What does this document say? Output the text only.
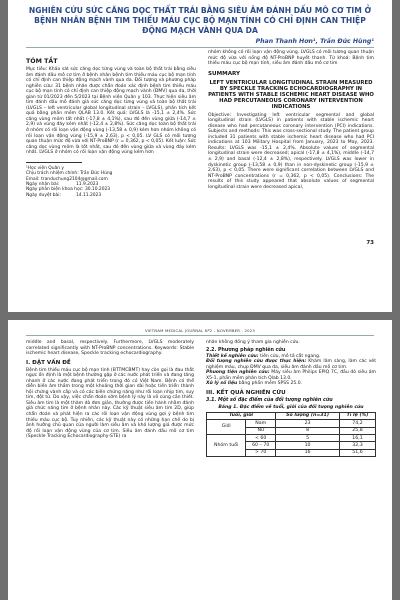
NGHIÊN CỨU SỨC CĂNG DỌC THẤT TRÁI BẰNG SIÊU ÂM ĐÁNH DẤU MÔ CƠ TIM Ở BỆNH NHÂN BỆNH TIM THIẾU MÁU CỤC BỘ MẠN TÍNH CÓ CHỈ ĐỊNH CAN THIỆP ĐỘNG MẠCH VÀNH QUA DA
Phan Thanh Hơn¹, Trần Đức Hùng¹
TÓM TẮT
Mục tiêu: Khảo sát sức căng dọc từng vùng và toàn bộ thất trái bằng siêu âm đánh dấu mô cơ tim ở bệnh nhân bệnh tim thiếu máu cục bộ mạn tính có chỉ định can thiệp động mạch vành qua da. Đối tượng và phương pháp nghiên cứu: 31 bệnh nhân được chẩn đoán xác định bệnh tim thiếu máu cục bộ mạn tính có chỉ định can thiệp động mạch vành (ĐMV) qua da, thời gian từ 01/2023 đến 5/2023 tại Bệnh viện Quân y 103. Thực hiện siêu âm tim đánh dấu mô đánh giá sức căng dọc từng vùng và toàn bộ thất trái (LVGLS – left ventricular global longitudinal strain – LVGLS), phân tích kết quả bằng phần mềm QLAB 13.0. Kết quả: LVGLS là -15,1 ± 2,4%. Sức căng vùng mỏm tất nhất (-17,8 ± 4,1%), sau đó đến vùng giữa (-14,7 ± 2,9) và vùng đáy kém nhất (-12,4 ± 2,8%). Sức căng dọc toàn bộ thất trái ở nhóm có rối loạn vận động vùng (-13,58 ± 0,9) kém hơn nhóm không có rối loạn vận động vùng (-15,9 ± 2,63), p < 0,05. LV GLS có mối tương quan thuận mức độ vừa với NT-ProBNP (r = 0,362, p < 0,05). Kết luận: Sức căng dọc vùng mỏm là tốt nhất, sau đó đến vùng giữa và vùng đáy kém nhất. LVGLS ở nhóm có rối loạn vận động vùng kém hơn
¹Học viện Quân y
Chịu trách nhiệm chính: Trần Đức Hùng
Email: tranduchung2104@gmail.com
Ngày nhận bài:	11.9.2023
Ngày phản biện khoa học: 30.10.2023
Ngày duyệt bài:	14.11.2023
nhóm không có rối loạn vận động vùng. LVGLS có mối tương quan thuận mức độ vừa với nồng độ NT-ProBNP huyết thanh. Từ khoá: Bệnh tim thiếu máu cục bộ mạn tính, siêu âm đánh dấu mô cơ tim
SUMMARY
LEFT VENTRICULAR LONGITUDINAL STRAIN MEASURED BY SPECKLE TRACKING ECHOCARDIOGRAPHY IN PATIENTS WITH STABLE ISCHEMIC HEART DISEASE WHO HAD PERCUTANEOUS CORONARY INTERVENTION INDICATIONS
Objective: Investigating left ventricular segmental and global longitudinal strain (LVGLS) in patients with stable ischemic heart disease who had percutaneous coronary intervention (PCI) indications. Subjects and methods: This was cross-sectional study. The patient group included 31 patients with stable ischemic heart disease who had PCI indications at 103 Military Hospital from January, 2023 to May, 2023. Results: LVGLS was -15,1 ± 2,4%. Absolute values of segmental longitudinal strain were decreased; apical (-17,8 ± 4,1%), middle (-14,7 ± 2,9) and basal (-12,4 ± 2,8%), respectively. LVGLS was lower in dyskinetic group (-13,58 ± 0,9) than in non-dyskinetic group (-15,9 ± 2,63), p < 0,05. There were significant correlation between LVGLS and NT-ProBNP concentrations (r = 0,362, p < 0,05). Conclusions: The results of this study appeared that absolute values of segmental longitudinal strain were decreased apical,
73
VIETNAM MEDICAL JOURNAL Nº2 - NOVEMBER - 2023
middle and basal, respectively. Furthermore, LVGLS moderately correlated significantly with NT-ProBNP concentrations. Keywords: Stable ischemic heart disease, Speckle tracking echocardiography.
I. ĐẶT VẤN ĐỀ
Bệnh tim thiếu máu cục bộ mạn tính (BTTMCBMT) hay còn gọi là đau thắt ngực ổn định là một bệnh thường gặp ở các nước phát triển và đang tăng nhanh ở các nước đang phát triển trong đó có Việt Nam. Bệnh có thể diễn biến âm thầm trong một khoảng thời gian dài hoặc tiến triển thành hội chứng vành cấp và có các biến chứng nặng như rối loạn nhịp tim, suy tim, đột tử. Do vậy, việc chẩn đoán sớm bệnh lý này là vô cùng cần thiết. Siêu âm tim là một thăm dò đơn giản, thường được tiến hành nhằm đánh giá chức năng tim ở bệnh nhân này. Các kỹ thuật siêu âm tim 2D, giúp chẩn đoán và phát hiện ra các rối loạn vận động vùng gợi ý bệnh tim thiếu máu cục bộ. Tuy nhiên, các kỹ thuật này có những hạn chế do bị ảnh hưởng chủ quan của người làm siêu âm và khó lượng giá được mức độ rối loạn vận động vùng của cơ tim. Siêu âm đánh dấu mô cơ tim (Speckle Tracking Echocardiography-STE) ra
nhân không đồng ý tham gia nghiên cứu.
2.2. Phương pháp nghiên cứu
Thiết kế nghiên cứu: tiến cứu, mô tả cắt ngang.
Đối tượng nghiên cứu được thực hiện: Khám lâm sàng, làm các xét nghiệm máu, chụp ĐMV qua da, siêu âm đánh dấu mô cơ tim.
Phương tiện nghiên cứu: Máy siêu âm Philips EPIQ 7C, đầu dò siêu âm X5-1, phần mềm phân tích Qlab 13.0.
Xử lý số liệu bằng phần mềm SPSS 25.0.
III. KẾT QUẢ NGHIÊN CỨU
3.1. Một số đặc điểm của đối tượng nghiên cứu
Bảng 1. Đặc điểm về tuổi, giới của đối tượng nghiên cứu
Tuổi, giới		Số lượng (n=31)	Tỉ lệ (%)
Giới	Nam	23	74,2
	Nữ	8	25,8
Nhóm tuổi	< 60	5	16,1
	60 – 70	10	32,3
	> 70	16	51,6
